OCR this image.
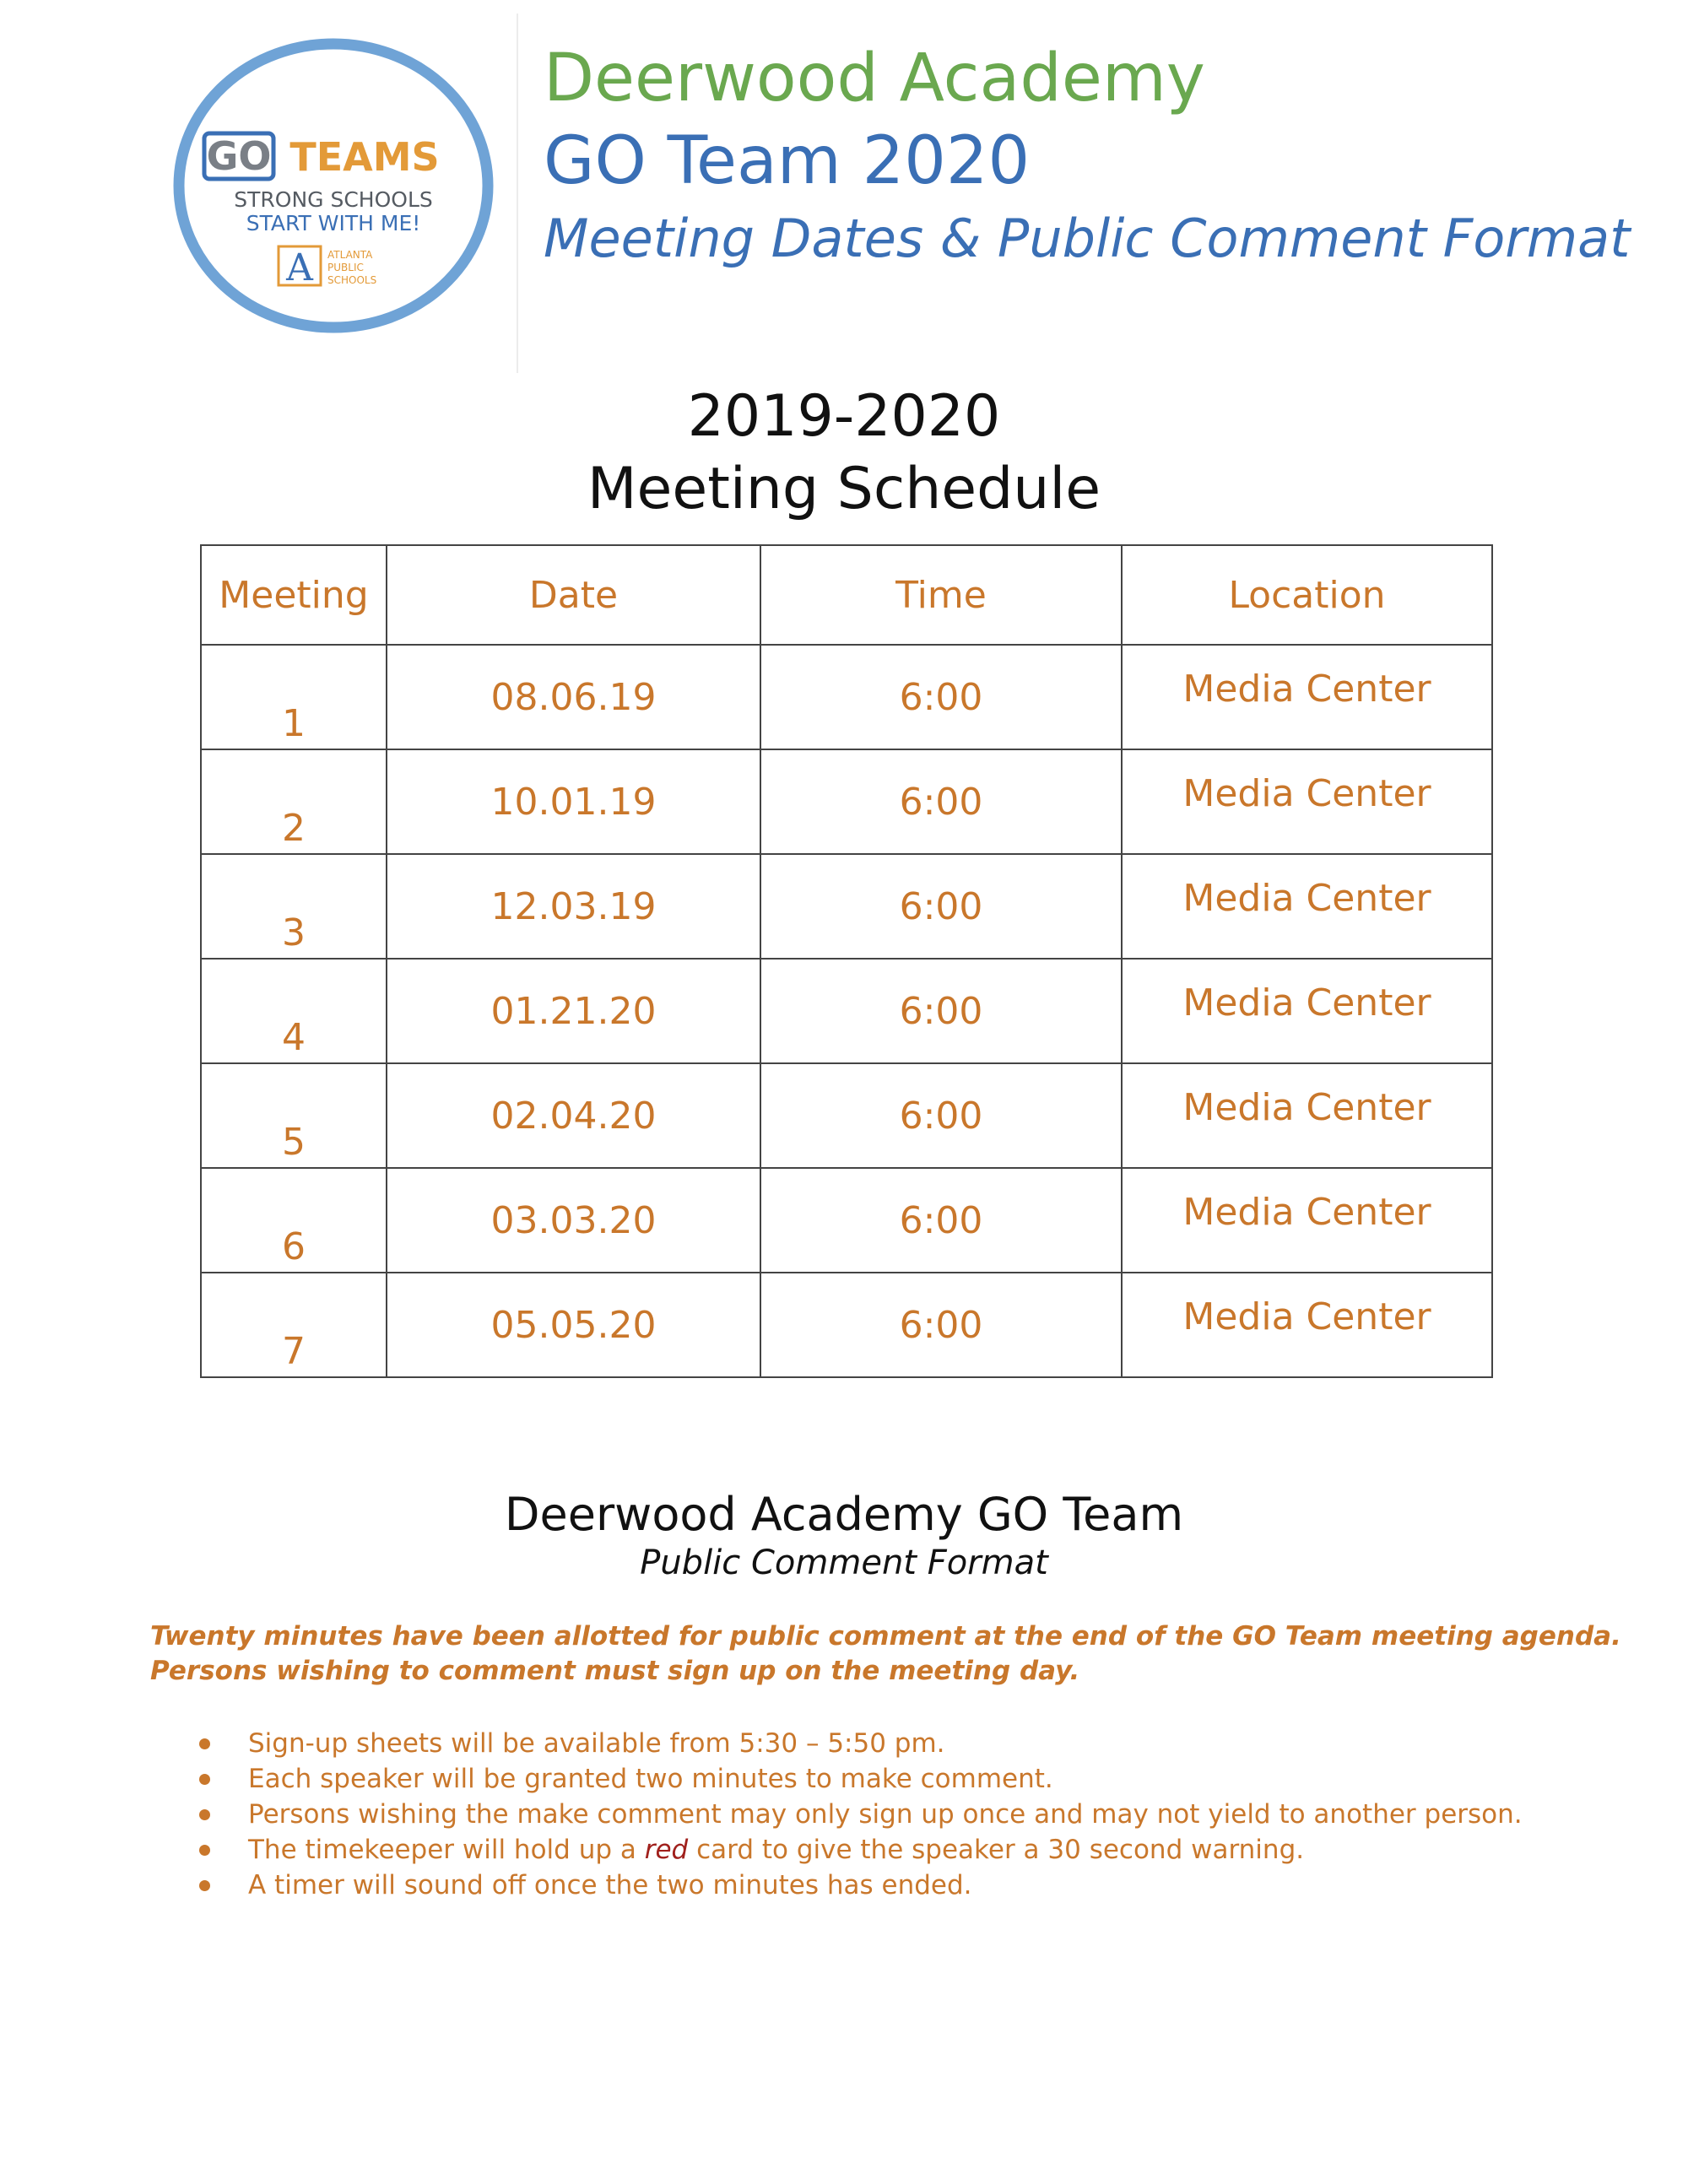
GO TEAMS
STRONG SCHOOLS
START WITH ME!
A ATLANTA
PUBLIC
SCHOOLS
Deerwood Academy
GO Team 2020
Meeting Dates & Public Comment Format
2019-2020
Meeting Schedule
Meeting	Date	Time	Location

1	08.06.19	6:00	Media Center

2	10.01.19	6:00	Media Center

3	12.03.19	6:00	Media Center

4	01.21.20	6:00	Media Center

5	02.04.20	6:00	Media Center

6	03.03.20	6:00	Media Center

7	05.05.20	6:00	Media Center
Deerwood Academy GO Team
Public Comment Format
Twenty minutes have been allotted for public comment at the end of the GO Team meeting agenda.
Persons wishing to comment must sign up on the meeting day.
Sign-up sheets will be available from 5:30 – 5:50 pm.
Each speaker will be granted two minutes to make comment.
Persons wishing the make comment may only sign up once and may not yield to another person.
The timekeeper will hold up a red card to give the speaker a 30 second warning.
A timer will sound off once the two minutes has ended.
